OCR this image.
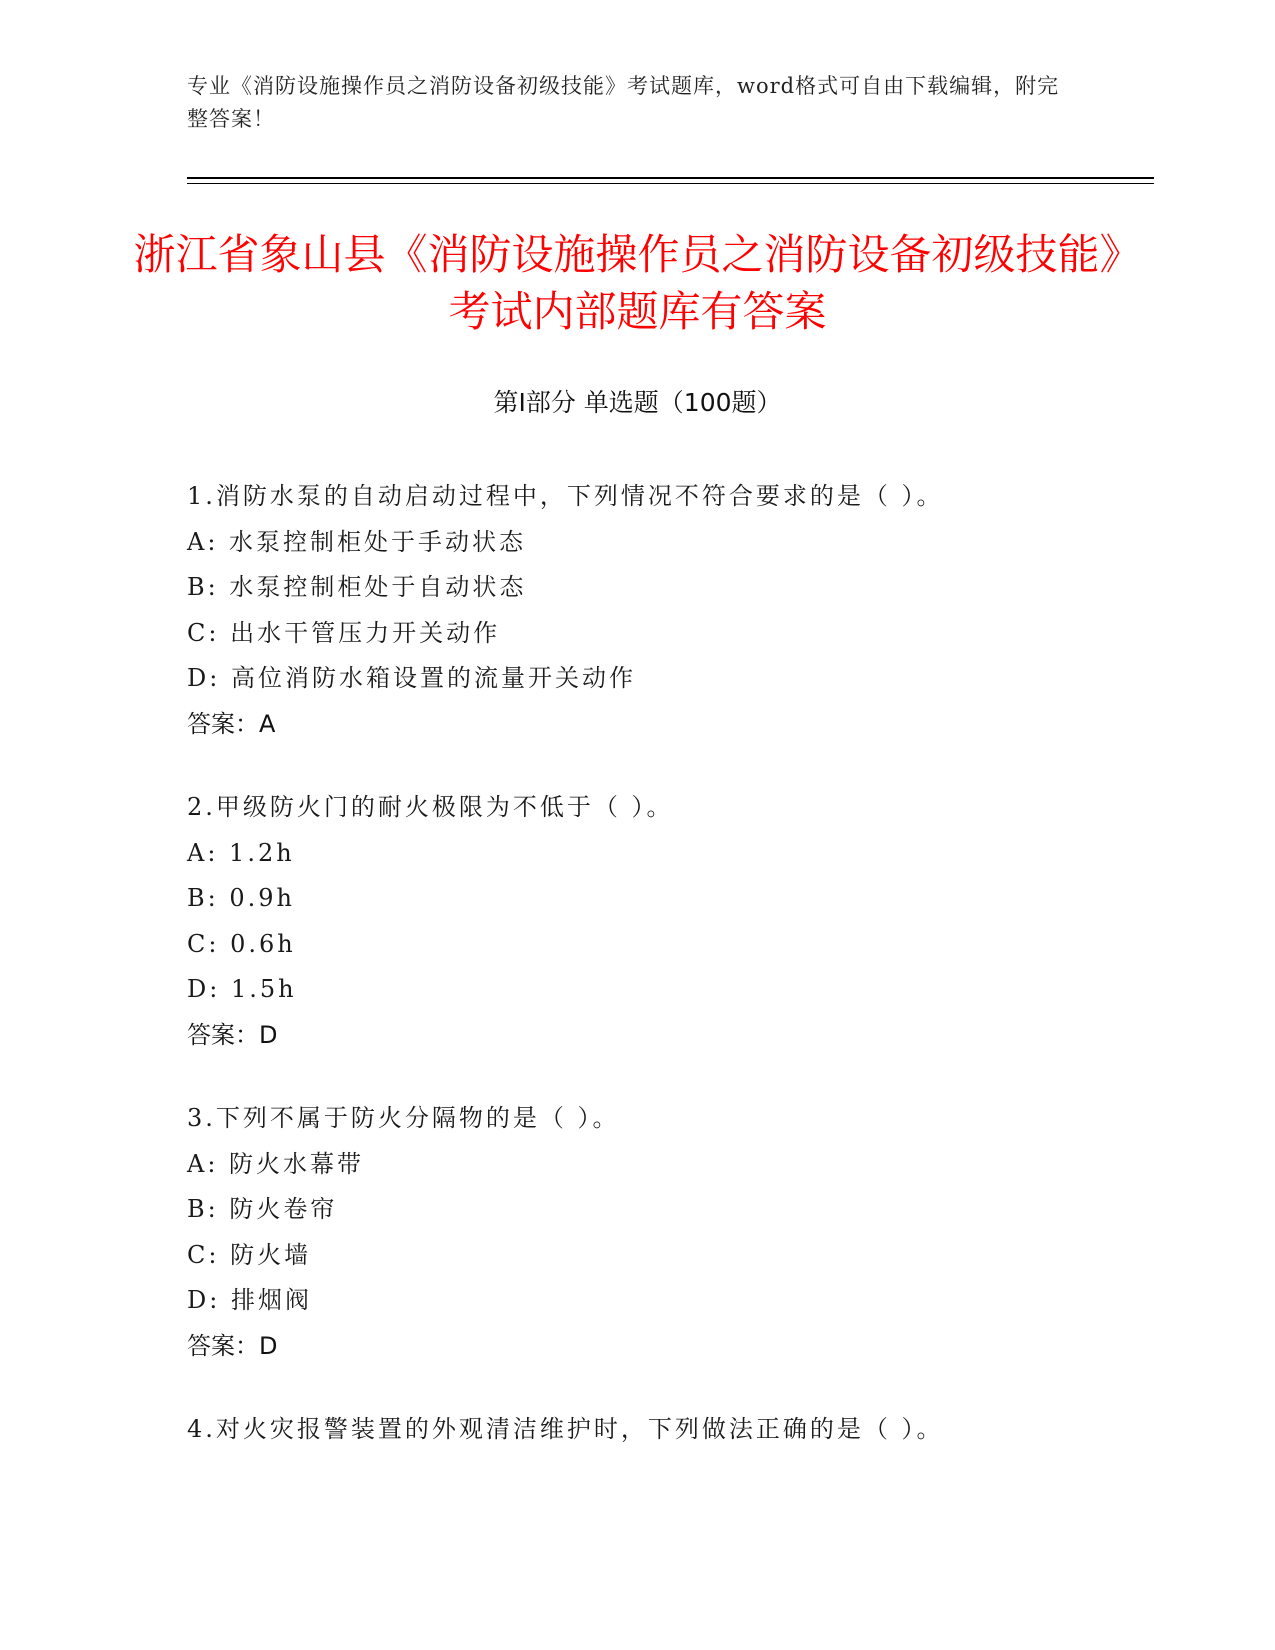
专业《消防设施操作员之消防设备初级技能》考试题库，word格式可自由下载编辑，附完整答案！
浙江省象山县《消防设施操作员之消防设备初级技能》考试内部题库有答案
第I部分 单选题（100题）
1.消防水泵的自动启动过程中，下列情况不符合要求的是（ ）。
A: 水泵控制柜处于手动状态
B: 水泵控制柜处于自动状态
C: 出水干管压力开关动作
D: 高位消防水箱设置的流量开关动作
答案：A
2.甲级防火门的耐火极限为不低于（ ）。
A: 1.2h
B: 0.9h
C: 0.6h
D: 1.5h
答案：D
3.下列不属于防火分隔物的是（ ）。
A: 防火水幕带
B: 防火卷帘
C: 防火墙
D: 排烟阀
答案：D
4.对火灾报警装置的外观清洁维护时，下列做法正确的是（ ）。
